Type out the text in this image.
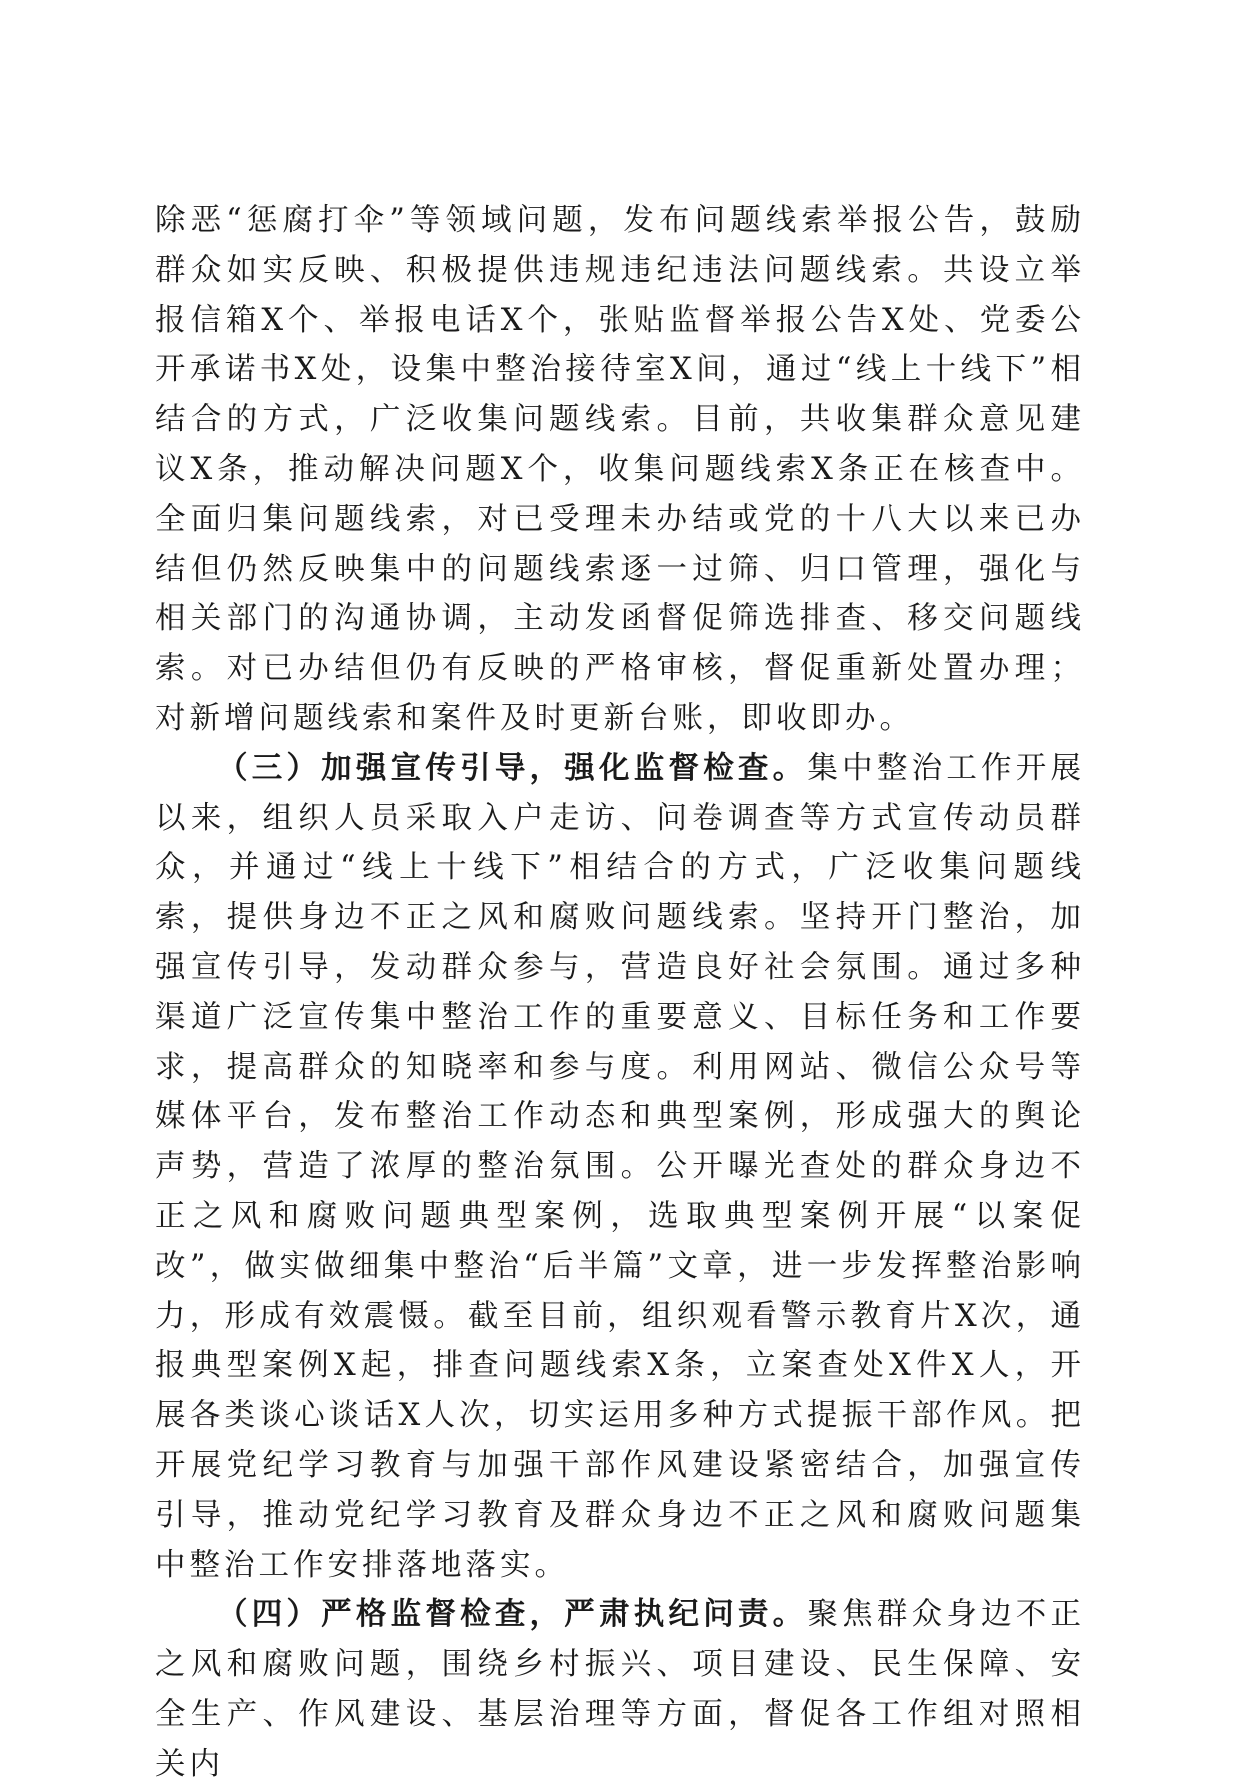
除恶“惩腐打伞”等领域问题，发布问题线索举报公告，鼓励群众如实反映、积极提供违规违纪违法问题线索。共设立举报信箱X个、举报电话X个，张贴监督举报公告X处、党委公开承诺书X处，设集中整治接待室X间，通过“线上十线下”相结合的方式，广泛收集问题线索。目前，共收集群众意见建议X条，推动解决问题X个，收集问题线索X条正在核查中。全面归集问题线索，对已受理未办结或党的十八大以来已办结但仍然反映集中的问题线索逐一过筛、归口管理，强化与相关部门的沟通协调，主动发函督促筛选排查、移交问题线索。对已办结但仍有反映的严格审核，督促重新处置办理；对新增问题线索和案件及时更新台账，即收即办。

（三）加强宣传引导，强化监督检查。集中整治工作开展以来，组织人员采取入户走访、问卷调查等方式宣传动员群众，并通过“线上十线下”相结合的方式，广泛收集问题线索，提供身边不正之风和腐败问题线索。坚持开门整治，加强宣传引导，发动群众参与，营造良好社会氛围。通过多种渠道广泛宣传集中整治工作的重要意义、目标任务和工作要求，提高群众的知晓率和参与度。利用网站、微信公众号等媒体平台，发布整治工作动态和典型案例，形成强大的舆论声势，营造了浓厚的整治氛围。公开曝光查处的群众身边不正之风和腐败问题典型案例，选取典型案例开展“以案促改”，做实做细集中整治“后半篇”文章，进一步发挥整治影响力，形成有效震慑。截至目前，组织观看警示教育片X次，通报典型案例X起，排查问题线索X条，立案查处X件X人，开展各类谈心谈话X人次，切实运用多种方式提振干部作风。把开展党纪学习教育与加强干部作风建设紧密结合，加强宣传引导，推动党纪学习教育及群众身边不正之风和腐败问题集中整治工作安排落地落实。

（四）严格监督检查，严肃执纪问责。聚焦群众身边不正之风和腐败问题，围绕乡村振兴、项目建设、民生保障、安全生产、作风建设、基层治理等方面，督促各工作组对照相关内
